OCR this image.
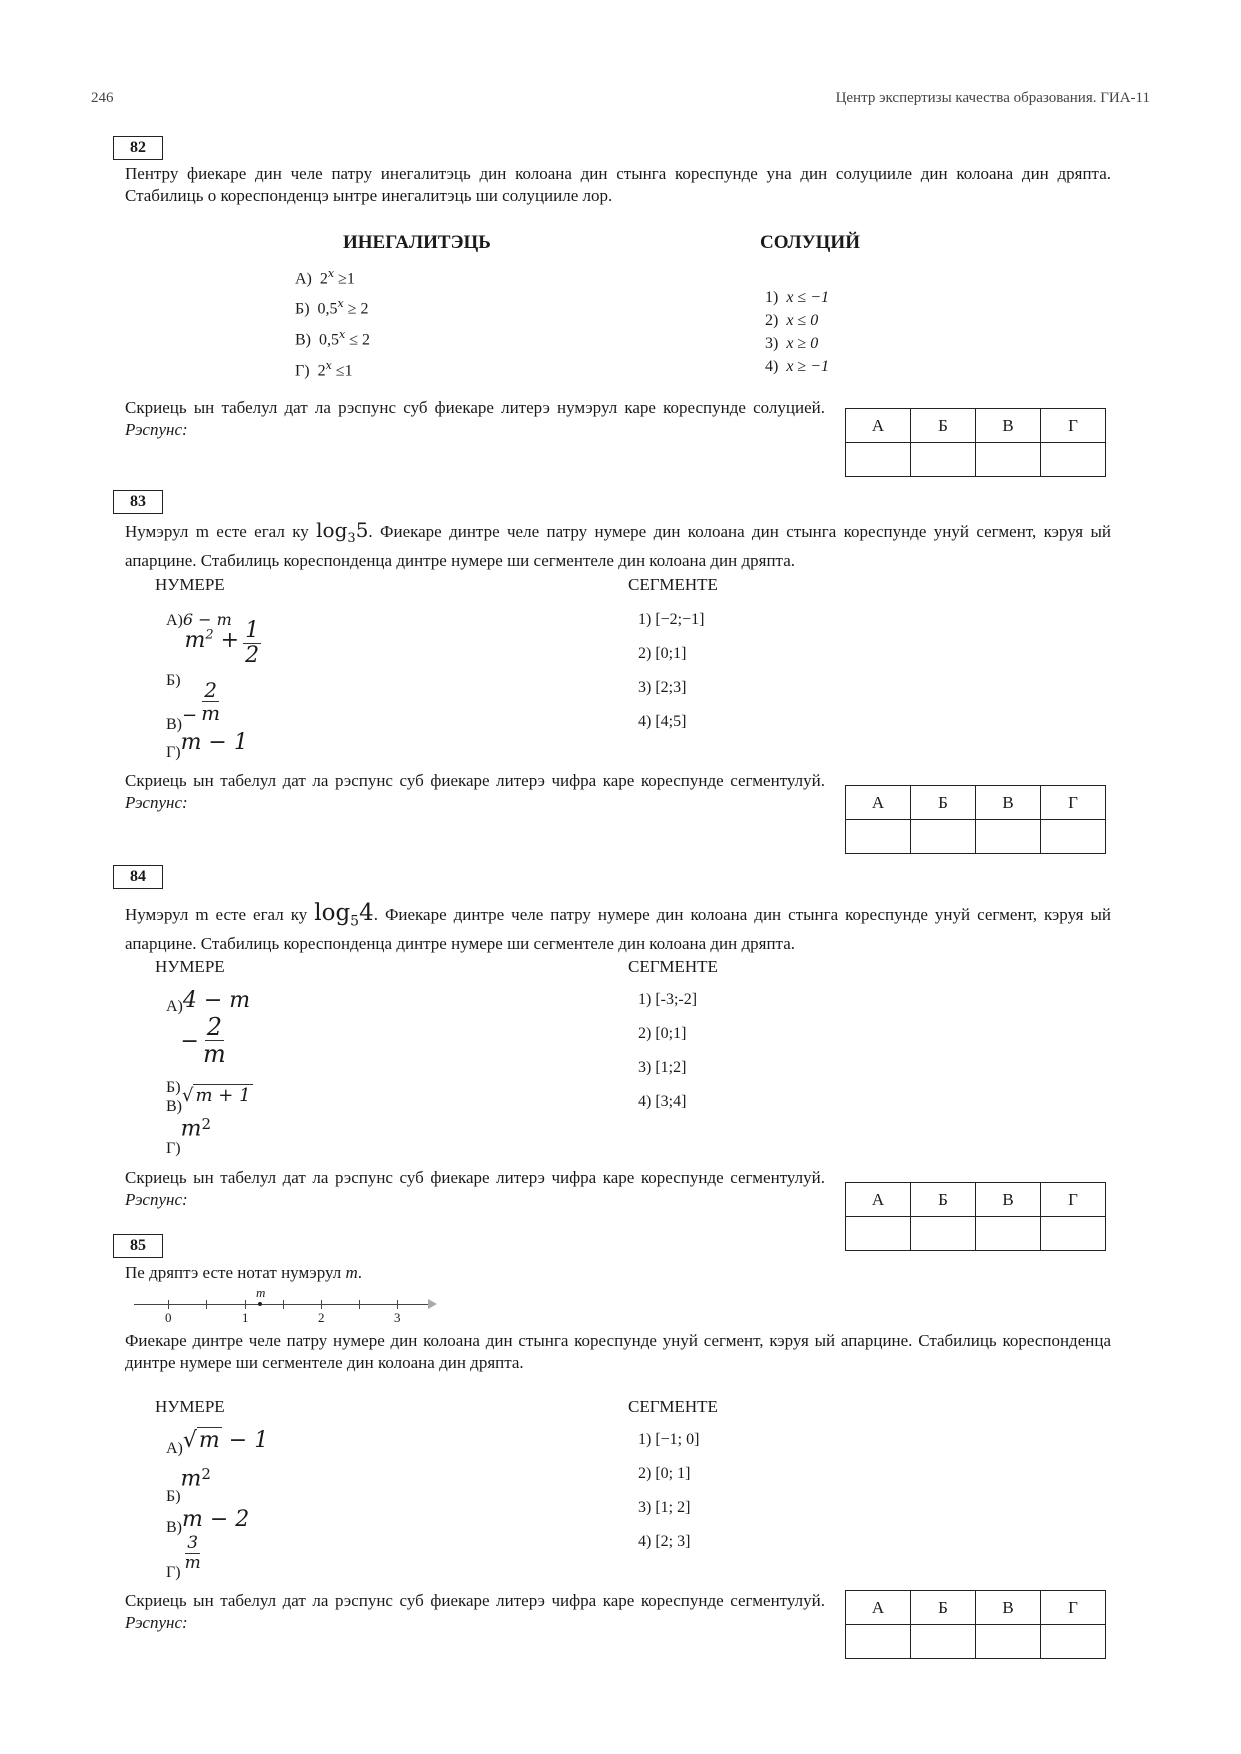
246	Центр экспертизы качества образования. ГИА-11
82
Пентру фиекаре дин челе патру инегалитэць дин колоана дин стынга кореспунде уна дин солуцииле дин колоана дин дряпта. Стабилиць о кореспонденцэ ынтре инегалитэць ши солуцииле лор.
ИНЕГАЛИТЭЦЬ	СОЛУЦИЙ
А) $2^x \ge 1$
Б) $0,5^x \ge 2$
В) $0,5^x \le 2$
Г) $2^x \le 1$
1) x ≤ −1
2) x ≤ 0
3) x ≥ 0
4) x ≥ −1
Скриець ын табелул дат ла рэспунс суб фиекаре литерэ нумэрул каре кореспунде солуцией. Рэспунс:	А	Б	В	Г

83
Нумэрул m есте егал ку $\log_35$. Фиекаре динтре челе патру нумере дин колоана дин стынга кореспунде унуй сегмент, кэруя ый апарцине. Стабилиць кореспонденца динтре нумере ши сегментеле дин колоана дин дряпта.
НУМЕРЕ	СЕГМЕНТЕ
А)6 − m
Б) $m^2 + \frac{1}{2}$
$В)- \frac{2}{m}$
Г)m − 1
1) [−2;−1]
2) [0;1]
3) [2;3]
4) [4;5]
Скриець ын табелул дат ла рэспунс суб фиекаре литерэ чифра каре кореспунде сегментулуй. Рэспунс:	А	Б	В	Г

84
Нумэрул m есте егал ку $\log_54$. Фиекаре динтре челе патру нумере дин колоана дин стынга кореспунде унуй сегмент, кэруя ый апарцине. Стабилиць кореспонденца динтре нумере ши сегментеле дин колоана дин дряпта.
НУМЕРЕ	СЕГМЕНТЕ
А)4 − m
$Б)- \frac{2}{m}$
В)√ m + 1
$Г)m^2$
1) [-3;-2]
2) [0;1]
3) [1;2]
4) [3;4]
Скриець ын табелул дат ла рэспунс суб фиекаре литерэ чифра каре кореспунде сегментулуй. Рэспунс:	А	Б	В	Г

85
Пе дряптэ есте нотат нумэрул m.
0	1	2	3
m
Фиекаре динтре челе патру нумере дин колоана дин стынга кореспунде унуй сегмент, кэруя ый апарцине. Стабилиць кореспонденца динтре нумере ши сегментеле дин колоана дин дряпта.
НУМЕРЕ	СЕГМЕНТЕ
А)√m − 1
$Б)m^2$
В)m − 2
Г)
$\frac{3}{m}$
1) [−1; 0]
2) [0; 1]
3) [1; 2]
4) [2; 3]
Скриець ын табелул дат ла рэспунс суб фиекаре литерэ чифра каре кореспунде сегментулуй. Рэспунс:
А	Б	В	Г
